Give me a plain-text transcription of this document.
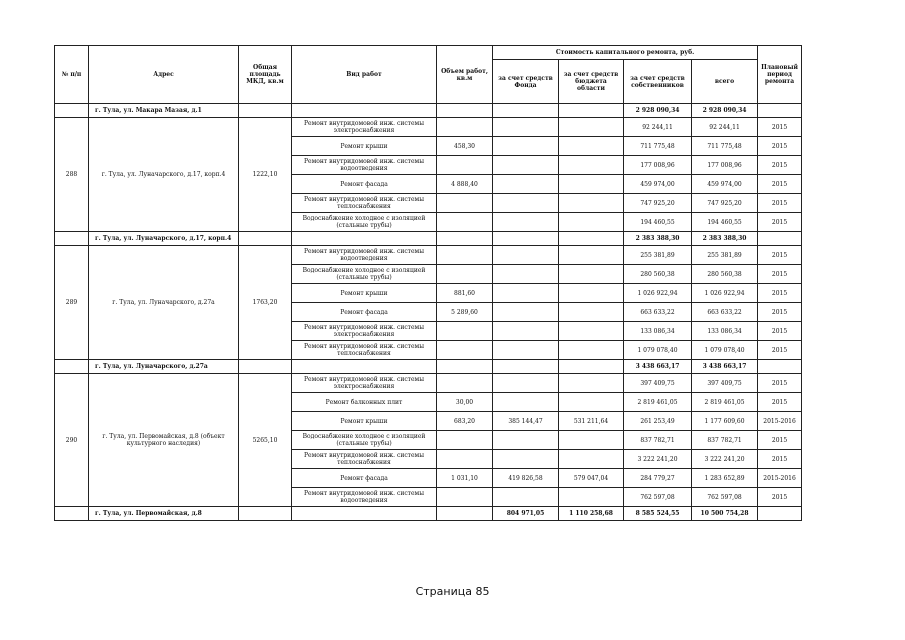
№ п/п	Адрес	Общая площадь МКД, кв.м	Вид работ	Объем работ, кв.м	Стоимость капитального ремонта, руб.				Плановый период ремонта
					за счет средств Фонда	за счет средств бюджета области	за счет средств собственников	всего	
	г. Тула, ул. Макара Мазая, д.1						2 928 090,34	2 928 090,34	
288	г. Тула, ул. Луначарского, д.17, корп.4	1222,10	Ремонт внутридомовой инж. системы электроснабжения				92 244,11	92 244,11	2015
			Ремонт крыши	458,30			711 775,48	711 775,48	2015
			Ремонт внутридомовой инж. системы водоотведения				177 008,96	177 008,96	2015
			Ремонт фасада	4 888,40			459 974,00	459 974,00	2015
			Ремонт внутридомовой инж. системы теплоснабжения				747 925,20	747 925,20	2015
			Водоснабжение холодное с изоляцией (стальные трубы)				194 460,55	194 460,55	2015
	г. Тула, ул. Луначарского, д.17, корп.4						2 383 388,30	2 383 388,30	
289	г. Тула, ул. Луначарского, д.27а	1763,20	Ремонт внутридомовой инж. системы водоотведения				255 381,89	255 381,89	2015
			Водоснабжение холодное с изоляцией (стальные трубы)				280 560,38	280 560,38	2015
			Ремонт крыши	881,60			1 026 922,94	1 026 922,94	2015
			Ремонт фасада	5 289,60			663 633,22	663 633,22	2015
			Ремонт внутридомовой инж. системы электроснабжения				133 086,34	133 086,34	2015
			Ремонт внутридомовой инж. системы теплоснабжения				1 079 078,40	1 079 078,40	2015
	г. Тула, ул. Луначарского, д.27а						3 438 663,17	3 438 663,17	
290	г. Тула, ул. Первомайская, д.8 (объект культурного наследия)	5265,10	Ремонт внутридомовой инж. системы электроснабжения				397 409,75	397 409,75	2015
			Ремонт балконных плит	30,00			2 819 461,05	2 819 461,05	2015
			Ремонт крыши	683,20	385 144,47	531 211,64	261 253,49	1 177 609,60	2015-2016
			Водоснабжение холодное с изоляцией (стальные трубы)				837 782,71	837 782,71	2015
			Ремонт внутридомовой инж. системы теплоснабжения				3 222 241,20	3 222 241,20	2015
			Ремонт фасада	1 031,10	419 826,58	579 047,04	284 779,27	1 283 652,89	2015-2016
			Ремонт внутридомовой инж. системы водоотведения				762 597,08	762 597,08	2015
	г. Тула, ул. Первомайская, д.8				804 971,05	1 110 258,68	8 585 524,55	10 500 754,28	
Страница 85
